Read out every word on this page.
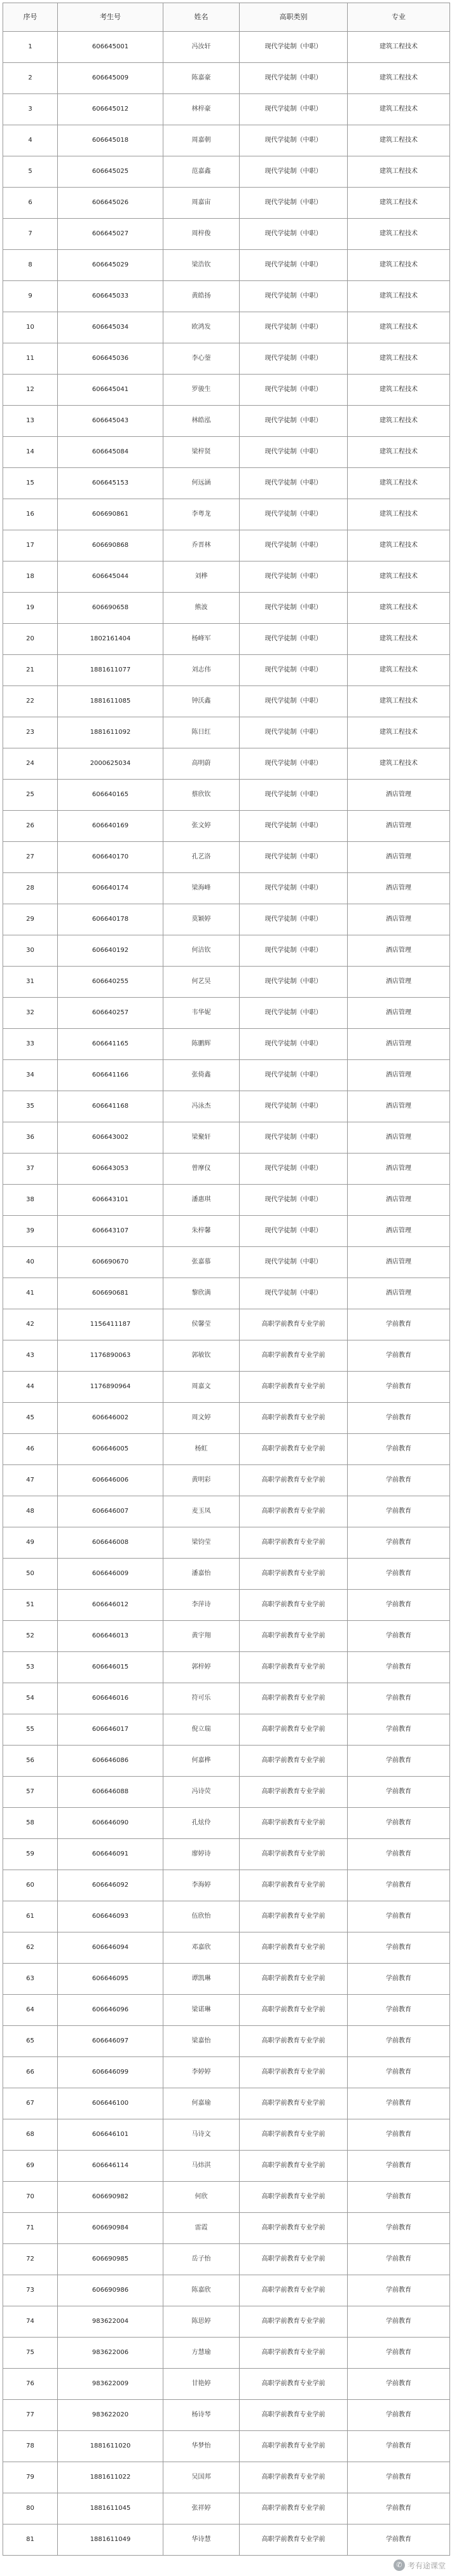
序号	考生号	姓名	高职类别	专业
1	606645001	冯汝轩	现代学徒制（中职）	建筑工程技术
2	606645009	陈嘉豪	现代学徒制（中职）	建筑工程技术
3	606645012	林梓豪	现代学徒制（中职）	建筑工程技术
4	606645018	周嘉朝	现代学徒制（中职）	建筑工程技术
5	606645025	范嘉鑫	现代学徒制（中职）	建筑工程技术
6	606645026	周嘉宙	现代学徒制（中职）	建筑工程技术
7	606645027	周梓俊	现代学徒制（中职）	建筑工程技术
8	606645029	梁浩钦	现代学徒制（中职）	建筑工程技术
9	606645033	黄皓扬	现代学徒制（中职）	建筑工程技术
10	606645034	欧鸿发	现代学徒制（中职）	建筑工程技术
11	606645036	李心蓥	现代学徒制（中职）	建筑工程技术
12	606645041	罗骏生	现代学徒制（中职）	建筑工程技术
13	606645043	林皓泓	现代学徒制（中职）	建筑工程技术
14	606645084	梁梓贤	现代学徒制（中职）	建筑工程技术
15	606645153	何远涵	现代学徒制（中职）	建筑工程技术
16	606690861	李粤龙	现代学徒制（中职）	建筑工程技术
17	606690868	乔晋林	现代学徒制（中职）	建筑工程技术
18	606645044	刘桦	现代学徒制（中职）	建筑工程技术
19	606690658	熊波	现代学徒制（中职）	建筑工程技术
20	1802161404	杨峰军	现代学徒制（中职）	建筑工程技术
21	1881611077	刘志伟	现代学徒制（中职）	建筑工程技术
22	1881611085	钟沃鑫	现代学徒制（中职）	建筑工程技术
23	1881611092	陈日红	现代学徒制（中职）	建筑工程技术
24	2000625034	高明蔚	现代学徒制（中职）	建筑工程技术
25	606640165	蔡欣钦	现代学徒制（中职）	酒店管理
26	606640169	张文婷	现代学徒制（中职）	酒店管理
27	606640170	孔艺洛	现代学徒制（中职）	酒店管理
28	606640174	梁海峰	现代学徒制（中职）	酒店管理
29	606640178	莫颖婷	现代学徒制（中职）	酒店管理
30	606640192	何洁钦	现代学徒制（中职）	酒店管理
31	606640255	何艺昊	现代学徒制（中职）	酒店管理
32	606640257	韦华妮	现代学徒制（中职）	酒店管理
33	606641165	陈鹏辉	现代学徒制（中职）	酒店管理
34	606641166	张倚鑫	现代学徒制（中职）	酒店管理
35	606641168	冯泳杰	现代学徒制（中职）	酒店管理
36	606643002	梁聚轩	现代学徒制（中职）	酒店管理
37	606643053	曾摩仪	现代学徒制（中职）	酒店管理
38	606643101	潘惠琪	现代学徒制（中职）	酒店管理
39	606643107	朱梓馨	现代学徒制（中职）	酒店管理
40	606690670	张嘉慕	现代学徒制（中职）	酒店管理
41	606690681	黎欣满	现代学徒制（中职）	酒店管理
42	1156411187	侯馨莹	高职学前教育专业学前	学前教育
43	1176890063	郭敏钦	高职学前教育专业学前	学前教育
44	1176890964	周嘉文	高职学前教育专业学前	学前教育
45	606646002	周文婷	高职学前教育专业学前	学前教育
46	606646005	杨虹	高职学前教育专业学前	学前教育
47	606646006	黄明彩	高职学前教育专业学前	学前教育
48	606646007	麦玉凤	高职学前教育专业学前	学前教育
49	606646008	梁钧莹	高职学前教育专业学前	学前教育
50	606646009	潘嘉怡	高职学前教育专业学前	学前教育
51	606646012	李萍诗	高职学前教育专业学前	学前教育
52	606646013	黄宇翔	高职学前教育专业学前	学前教育
53	606646015	郭梓婷	高职学前教育专业学前	学前教育
54	606646016	符可乐	高职学前教育专业学前	学前教育
55	606646017	倪立瑞	高职学前教育专业学前	学前教育
56	606646086	何嘉桦	高职学前教育专业学前	学前教育
57	606646088	冯诗荧	高职学前教育专业学前	学前教育
58	606646090	孔炫伶	高职学前教育专业学前	学前教育
59	606646091	廖婷诗	高职学前教育专业学前	学前教育
60	606646092	李海婷	高职学前教育专业学前	学前教育
61	606646093	伍欣怡	高职学前教育专业学前	学前教育
62	606646094	邓嘉欣	高职学前教育专业学前	学前教育
63	606646095	谭凯琳	高职学前教育专业学前	学前教育
64	606646096	梁诺琳	高职学前教育专业学前	学前教育
65	606646097	梁嘉怡	高职学前教育专业学前	学前教育
66	606646099	李婷婷	高职学前教育专业学前	学前教育
67	606646100	何嘉瑜	高职学前教育专业学前	学前教育
68	606646101	马诗文	高职学前教育专业学前	学前教育
69	606646114	马炜淇	高职学前教育专业学前	学前教育
70	606690982	何欣	高职学前教育专业学前	学前教育
71	606690984	雷霞	高职学前教育专业学前	学前教育
72	606690985	岳子怡	高职学前教育专业学前	学前教育
73	606690986	陈嘉欣	高职学前教育专业学前	学前教育
74	983622004	陈思婷	高职学前教育专业学前	学前教育
75	983622006	方慧瑜	高职学前教育专业学前	学前教育
76	983622009	甘艳婷	高职学前教育专业学前	学前教育
77	983622020	杨诗琴	高职学前教育专业学前	学前教育
78	1881611020	华梦怡	高职学前教育专业学前	学前教育
79	1881611022	吴国邦	高职学前教育专业学前	学前教育
80	1881611045	张祥婷	高职学前教育专业学前	学前教育
81	1881611049	华诗慧	高职学前教育专业学前	学前教育
✆ 考有途课堂
